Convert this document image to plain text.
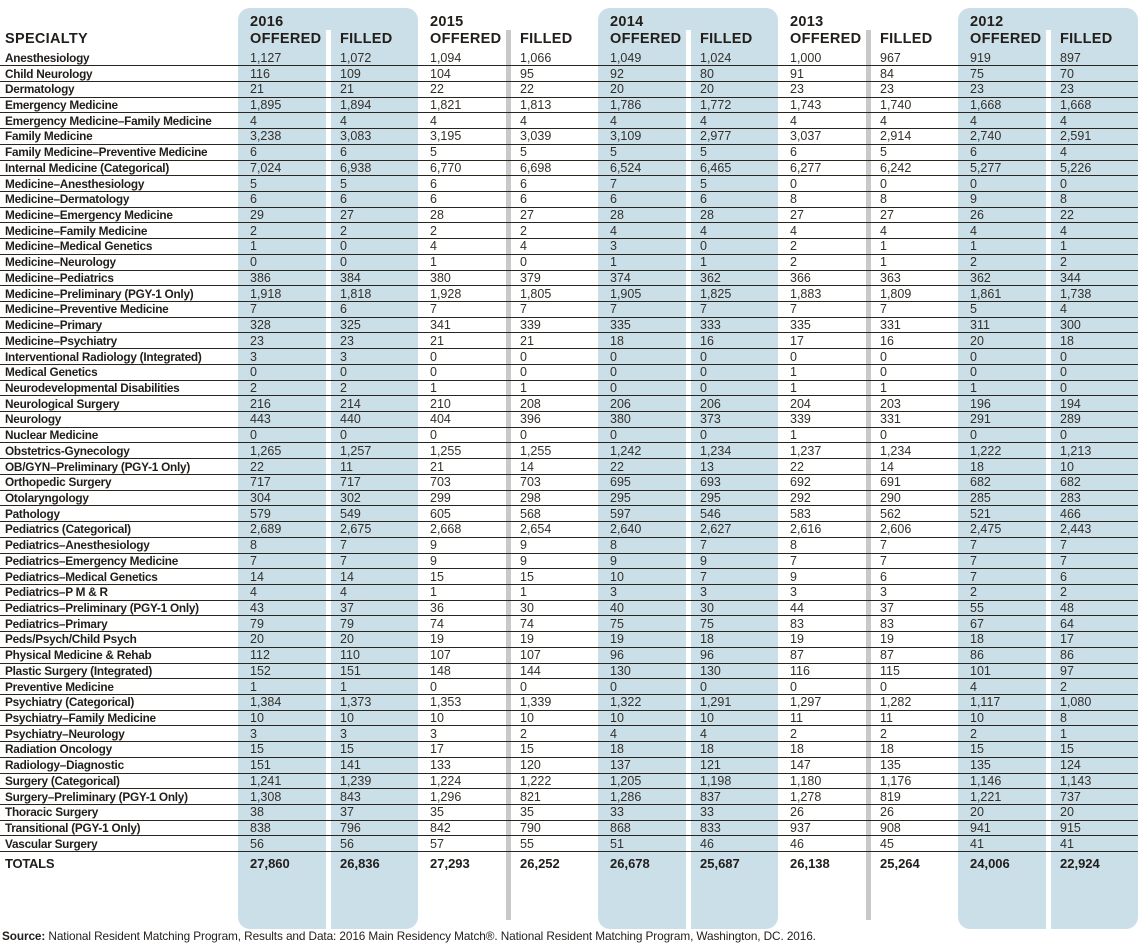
	2016		2015		2014		2013		2012	
SPECIALTY	OFFERED	FILLED	OFFERED	FILLED	OFFERED	FILLED	OFFERED	FILLED	OFFERED	FILLED
Anesthesiology	1,127	1,072	1,094	1,066	1,049	1,024	1,000	967	919	897
Child Neurology	116	109	104	95	92	80	91	84	75	70
Dermatology	21	21	22	22	20	20	23	23	23	23
Emergency Medicine	1,895	1,894	1,821	1,813	1,786	1,772	1,743	1,740	1,668	1,668
Emergency Medicine–Family Medicine	4	4	4	4	4	4	4	4	4	4
Family Medicine	3,238	3,083	3,195	3,039	3,109	2,977	3,037	2,914	2,740	2,591
Family Medicine–Preventive Medicine	6	6	5	5	5	5	6	5	6	4
Internal Medicine (Categorical)	7,024	6,938	6,770	6,698	6,524	6,465	6,277	6,242	5,277	5,226
Medicine–Anesthesiology	5	5	6	6	7	5	0	0	0	0
Medicine–Dermatology	6	6	6	6	6	6	8	8	9	8
Medicine–Emergency Medicine	29	27	28	27	28	28	27	27	26	22
Medicine–Family Medicine	2	2	2	2	4	4	4	4	4	4
Medicine–Medical Genetics	1	0	4	4	3	0	2	1	1	1
Medicine–Neurology	0	0	1	0	1	1	2	1	2	2
Medicine–Pediatrics	386	384	380	379	374	362	366	363	362	344
Medicine–Preliminary (PGY-1 Only)	1,918	1,818	1,928	1,805	1,905	1,825	1,883	1,809	1,861	1,738
Medicine–Preventive Medicine	7	6	7	7	7	7	7	7	5	4
Medicine–Primary	328	325	341	339	335	333	335	331	311	300
Medicine–Psychiatry	23	23	21	21	18	16	17	16	20	18
Interventional Radiology (Integrated)	3	3	0	0	0	0	0	0	0	0
Medical Genetics	0	0	0	0	0	0	1	0	0	0
Neurodevelopmental Disabilities	2	2	1	1	0	0	1	1	1	0
Neurological Surgery	216	214	210	208	206	206	204	203	196	194
Neurology	443	440	404	396	380	373	339	331	291	289
Nuclear Medicine	0	0	0	0	0	0	1	0	0	0
Obstetrics-Gynecology	1,265	1,257	1,255	1,255	1,242	1,234	1,237	1,234	1,222	1,213
OB/GYN–Preliminary (PGY-1 Only)	22	11	21	14	22	13	22	14	18	10
Orthopedic Surgery	717	717	703	703	695	693	692	691	682	682
Otolaryngology	304	302	299	298	295	295	292	290	285	283
Pathology	579	549	605	568	597	546	583	562	521	466
Pediatrics (Categorical)	2,689	2,675	2,668	2,654	2,640	2,627	2,616	2,606	2,475	2,443
Pediatrics–Anesthesiology	8	7	9	9	8	7	8	7	7	7
Pediatrics–Emergency Medicine	7	7	9	9	9	9	7	7	7	7
Pediatrics–Medical Genetics	14	14	15	15	10	7	9	6	7	6
Pediatrics–P M & R	4	4	1	1	3	3	3	3	2	2
Pediatrics–Preliminary (PGY-1 Only)	43	37	36	30	40	30	44	37	55	48
Pediatrics–Primary	79	79	74	74	75	75	83	83	67	64
Peds/Psych/Child Psych	20	20	19	19	19	18	19	19	18	17
Physical Medicine & Rehab	112	110	107	107	96	96	87	87	86	86
Plastic Surgery (Integrated)	152	151	148	144	130	130	116	115	101	97
Preventive Medicine	1	1	0	0	0	0	0	0	4	2
Psychiatry (Categorical)	1,384	1,373	1,353	1,339	1,322	1,291	1,297	1,282	1,117	1,080
Psychiatry–Family Medicine	10	10	10	10	10	10	11	11	10	8
Psychiatry–Neurology	3	3	3	2	4	4	2	2	2	1
Radiation Oncology	15	15	17	15	18	18	18	18	15	15
Radiology–Diagnostic	151	141	133	120	137	121	147	135	135	124
Surgery (Categorical)	1,241	1,239	1,224	1,222	1,205	1,198	1,180	1,176	1,146	1,143
Surgery–Preliminary (PGY-1 Only)	1,308	843	1,296	821	1,286	837	1,278	819	1,221	737
Thoracic Surgery	38	37	35	35	33	33	26	26	20	20
Transitional (PGY-1 Only)	838	796	842	790	868	833	937	908	941	915
Vascular Surgery	56	56	57	55	51	46	46	45	41	41
TOTALS	27,860	26,836	27,293	26,252	26,678	25,687	26,138	25,264	24,006	22,924

Source: National Resident Matching Program, Results and Data: 2016 Main Residency Match®. National Resident Matching Program, Washington, DC. 2016.
